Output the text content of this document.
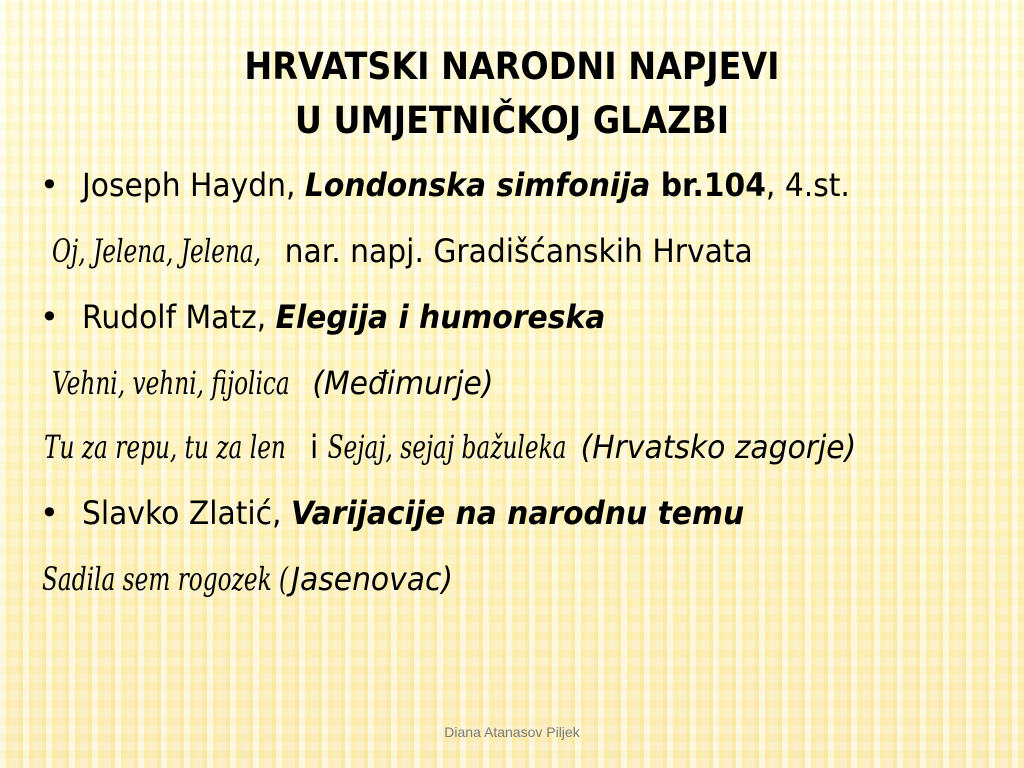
HRVATSKI NARODNI NAPJEVI
U UMJETNIČKOJ GLAZBI
• Joseph Haydn, Londonska simfonija br.104, 4.st.
Oj, Jelena, Jelena, nar. napj. Gradišćanskih Hrvata
• Rudolf Matz, Elegija i humoreska
Vehni, vehni, fijolica(Međimurje)
Tu za repu, tu za leni Sejaj, sejaj bažuleka(Hrvatsko zagorje)
• Slavko Zlatić, Varijacije na narodnu temu
Sadila sem rogozek (Jasenovac)
Diana Atanasov Piljek
